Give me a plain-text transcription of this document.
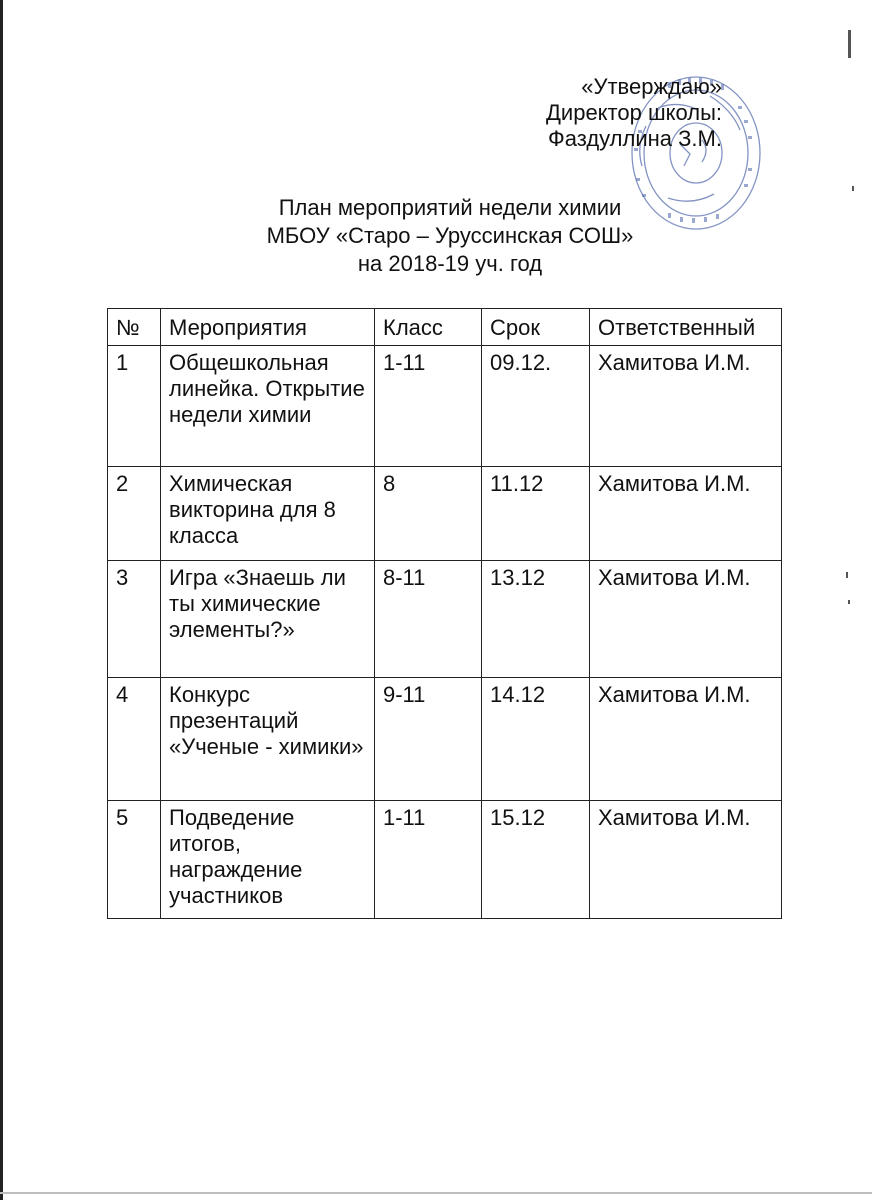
«Утверждаю»
Директор школы:
Фаздуллина З.М.
План мероприятий недели химии
МБОУ «Старо – Уруссинская СОШ»
на 2018-19 уч. год
№	Мероприятия	Класс	Срок	Ответственный
1	Общешкольная линейка. Открытие недели химии	1-11	09.12.	Хамитова И.М.
2	Химическая викторина для 8 класса	8	11.12	Хамитова И.М.
3	Игра «Знаешь ли ты химические элементы?»	8-11	13.12	Хамитова И.М.
4	Конкурс презентаций «Ученые - химики»	9-11	14.12	Хамитова И.М.
5	Подведение итогов, награждение участников	1-11	15.12	Хамитова И.М.
